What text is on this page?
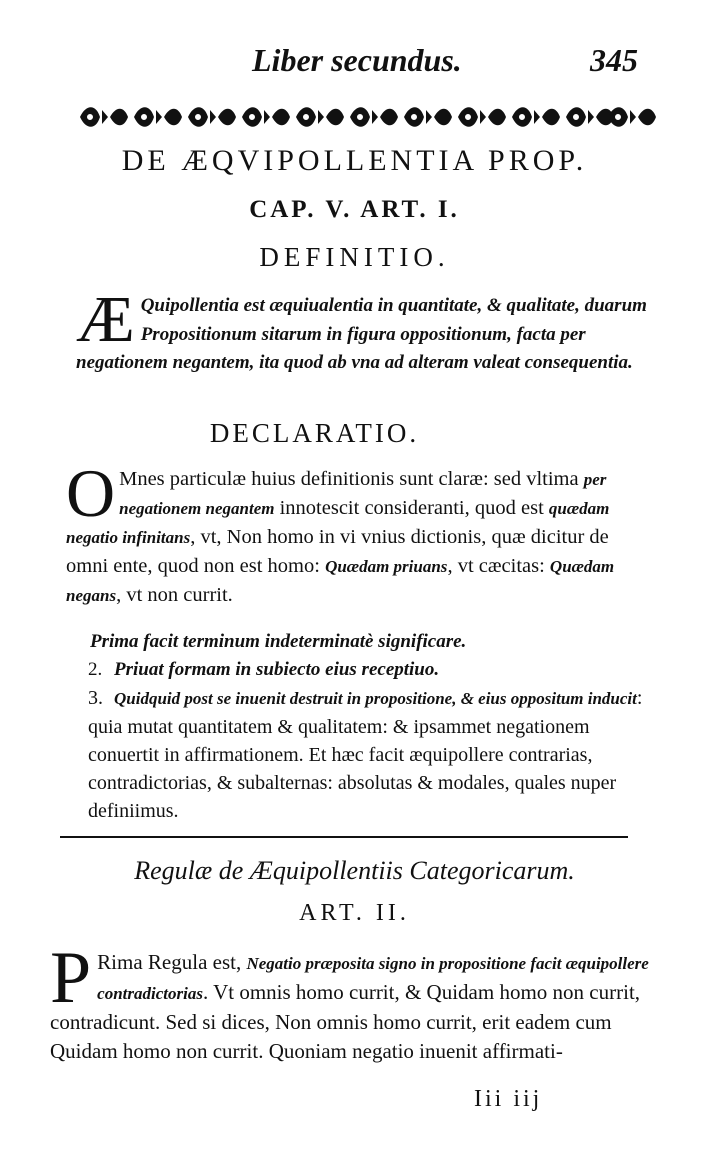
Liber secundus.	345
DE ÆQVIPOLLENTIA PROP.
CAP. V. ART. I.
DEFINITIO.
Æ Quipollentia est æquiualentia in quantitate, & qualitate, duarum Propositionum sitarum in figura oppositionum, facta per negationem negantem, ita quod ab vna ad alteram valeat consequentia.
DECLARATIO.
O Mnes particulæ huius definitionis sunt claræ: sed vltima per negationem negantem innotescit consideranti, quod est quædam negatio infinitans, vt, Non homo in vi vnius dictionis, quæ dicitur de omni ente, quod non est homo: Quædam priuans, vt cæcitas: Quædam negans, vt non currit.
Prima facit terminum indeterminatè significare.
2. Priuat formam in subiecto eius receptiuo.
3. Quidquid post se inuenit destruit in propositione, & eius oppositum inducit: quia mutat quantitatem & qualitatem: & ipsammet negationem conuertit in affirmationem. Et hæc facit æquipollere contrarias, contradictorias, & subalternas: absolutas & modales, quales nuper definiimus.
Regulæ de Æquipollentiis Categoricarum.
ART. II.
P Rima Regula est, Negatio præposita signo in propositione facit æquipollere contradictorias. Vt omnis homo currit, & Quidam homo non currit, contradicunt. Sed si dices, Non omnis homo currit, erit eadem cum Quidam homo non currit. Quoniam negatio inuenit affirmati-
Iii iij
